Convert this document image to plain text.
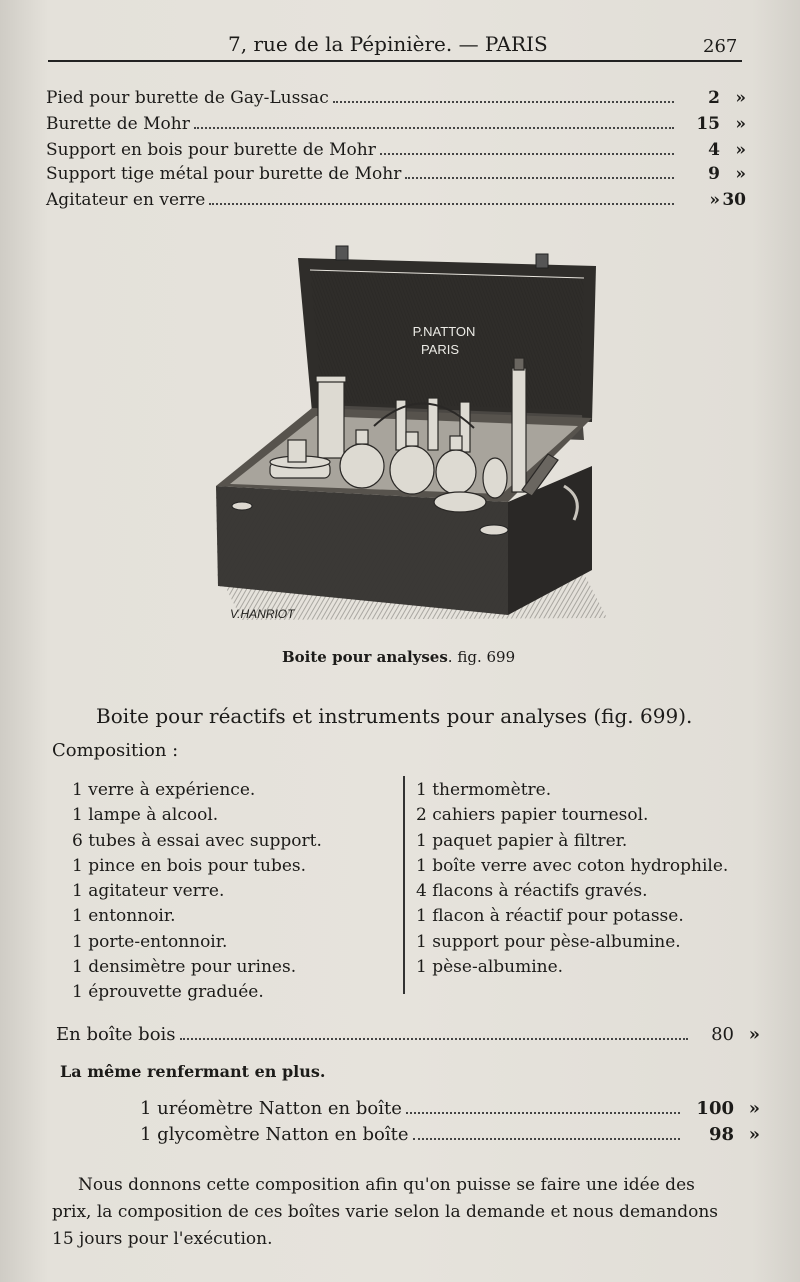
7, rue de la Pépinière. — PARIS	267
Pied pour burette de Gay-Lussac	2 »
Burette de Mohr	15 »
Support en bois pour burette de Mohr	4 »
Support tige métal pour burette de Mohr	9 »
Agitateur en verre	» 30
P.NATTON
PARIS
V.HANRIOT
Boite pour analyses. fig. 699
Boite pour réactifs et instruments pour analyses (fig. 699).
Composition :
1 verre à expérience.
1 lampe à alcool.
6 tubes à essai avec support.
1 pince en bois pour tubes.
1 agitateur verre.
1 entonnoir.
1 porte-entonnoir.
1 densimètre pour urines.
1 éprouvette graduée.
1 thermomètre.
2 cahiers papier tournesol.
1 paquet papier à filtrer.
1 boîte verre avec coton hydrophile.
4 flacons à réactifs gravés.
1 flacon à réactif pour potasse.
1 support pour pèse-albumine.
1 pèse-albumine.
En boîte bois	80 »
La même renfermant en plus.
1 uréomètre Natton en boîte	100 »
1 glycomètre Natton en boîte	98 »
Nous donnons cette composition afin qu'on puisse se faire une idée des
prix, la composition de ces boîtes varie selon la demande et nous demandons
15 jours pour l'exécution.
